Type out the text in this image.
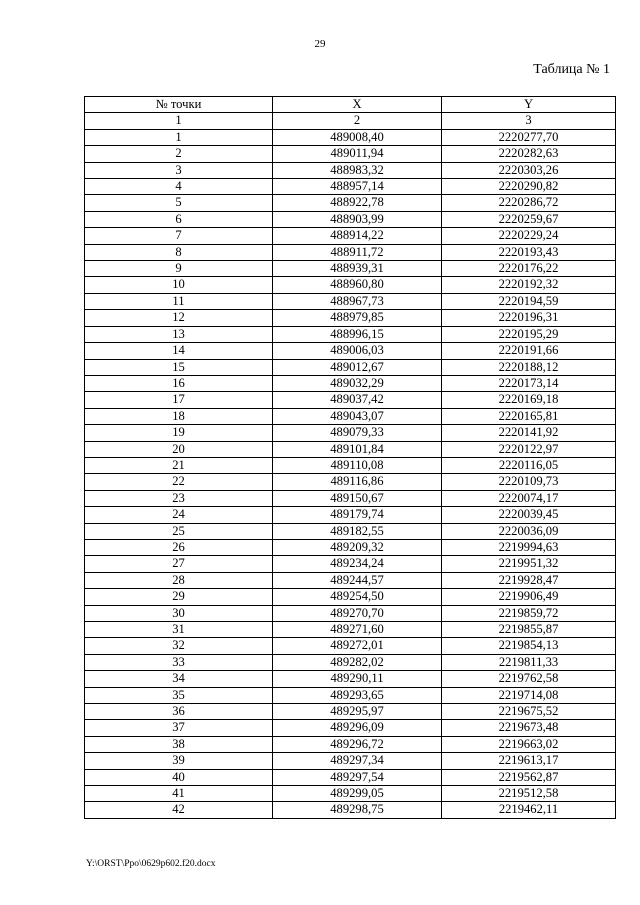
29
Таблица № 1
№ точки	X	Y
1	2	3
1	489008,40	2220277,70
2	489011,94	2220282,63
3	488983,32	2220303,26
4	488957,14	2220290,82
5	488922,78	2220286,72
6	488903,99	2220259,67
7	488914,22	2220229,24
8	488911,72	2220193,43
9	488939,31	2220176,22
10	488960,80	2220192,32
11	488967,73	2220194,59
12	488979,85	2220196,31
13	488996,15	2220195,29
14	489006,03	2220191,66
15	489012,67	2220188,12
16	489032,29	2220173,14
17	489037,42	2220169,18
18	489043,07	2220165,81
19	489079,33	2220141,92
20	489101,84	2220122,97
21	489110,08	2220116,05
22	489116,86	2220109,73
23	489150,67	2220074,17
24	489179,74	2220039,45
25	489182,55	2220036,09
26	489209,32	2219994,63
27	489234,24	2219951,32
28	489244,57	2219928,47
29	489254,50	2219906,49
30	489270,70	2219859,72
31	489271,60	2219855,87
32	489272,01	2219854,13
33	489282,02	2219811,33
34	489290,11	2219762,58
35	489293,65	2219714,08
36	489295,97	2219675,52
37	489296,09	2219673,48
38	489296,72	2219663,02
39	489297,34	2219613,17
40	489297,54	2219562,87
41	489299,05	2219512,58
42	489298,75	2219462,11
Y:\ORST\Ppo\0629p602.f20.docx
